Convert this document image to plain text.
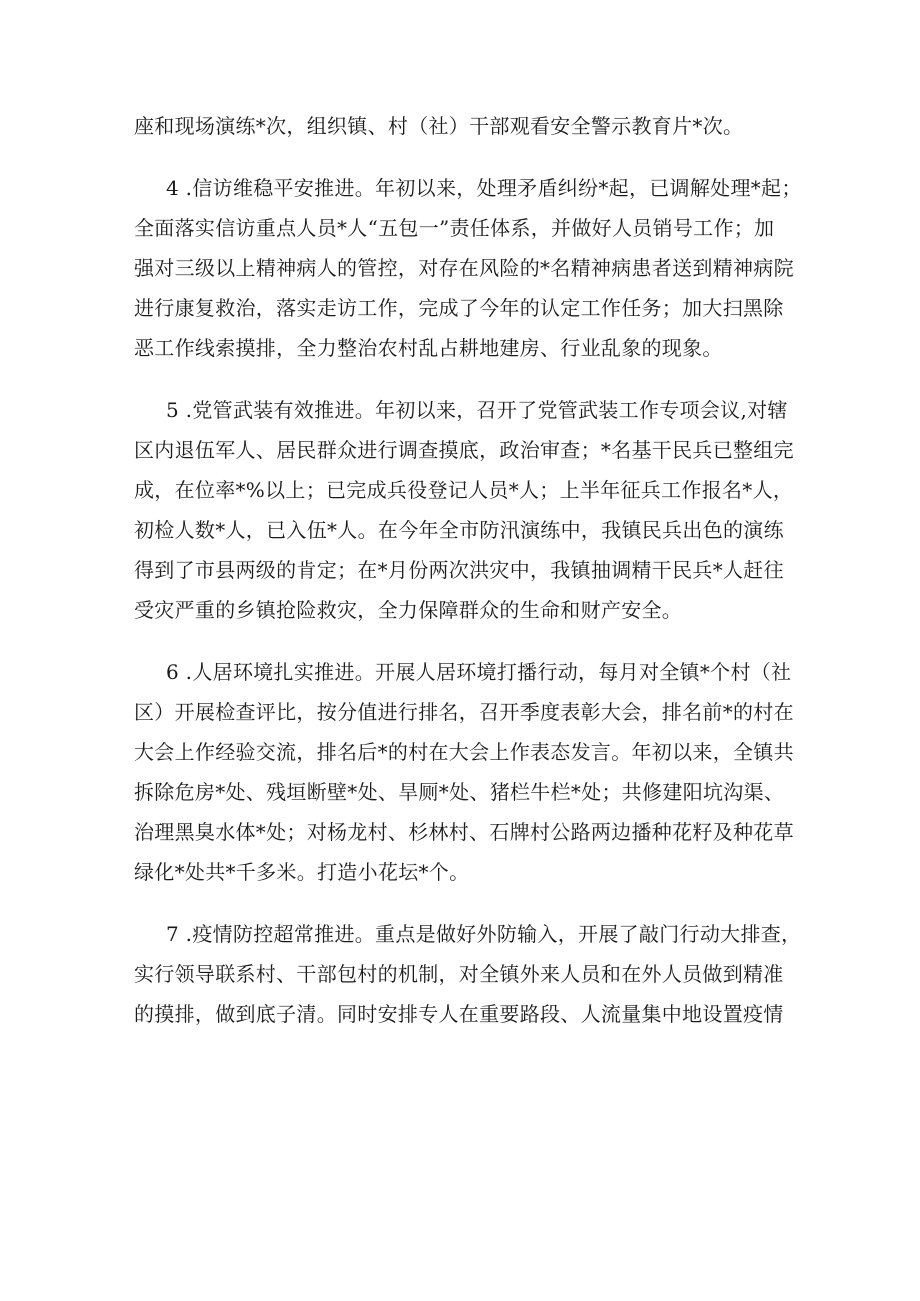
座和现场演练*次，组织镇、村（社）干部观看安全警示教育片*次。
4 .信访维稳平安推进。年初以来，处理矛盾纠纷*起，已调解处理*起；
全面落实信访重点人员*人“五包一”责任体系，并做好人员销号工作；加
强对三级以上精神病人的管控，对存在风险的*名精神病患者送到精神病院
进行康复救治，落实走访工作，完成了今年的认定工作任务；加大扫黑除
恶工作线索摸排，全力整治农村乱占耕地建房、行业乱象的现象。
5 .党管武装有效推进。年初以来，召开了党管武装工作专项会议,对辖
区内退伍军人、居民群众进行调查摸底，政治审查；*名基干民兵已整组完
成，在位率*%以上；已完成兵役登记人员*人；上半年征兵工作报名*人，
初检人数*人，已入伍*人。在今年全市防汛演练中，我镇民兵出色的演练
得到了市县两级的肯定；在*月份两次洪灾中，我镇抽调精干民兵*人赶往
受灾严重的乡镇抢险救灾，全力保障群众的生命和财产安全。
6 .人居环境扎实推进。开展人居环境打播行动，每月对全镇*个村（社
区）开展检查评比，按分值进行排名，召开季度表彰大会，排名前*的村在
大会上作经验交流，排名后*的村在大会上作表态发言。年初以来，全镇共
拆除危房*处、残垣断壁*处、旱厕*处、猪栏牛栏*处；共修建阳坑沟渠、
治理黑臭水体*处；对杨龙村、杉林村、石牌村公路两边播种花籽及种花草
绿化*处共*千多米。打造小花坛*个。
7 .疫情防控超常推进。重点是做好外防输入，开展了敲门行动大排查，
实行领导联系村、干部包村的机制，对全镇外来人员和在外人员做到精准
的摸排，做到底子清。同时安排专人在重要路段、人流量集中地设置疫情
